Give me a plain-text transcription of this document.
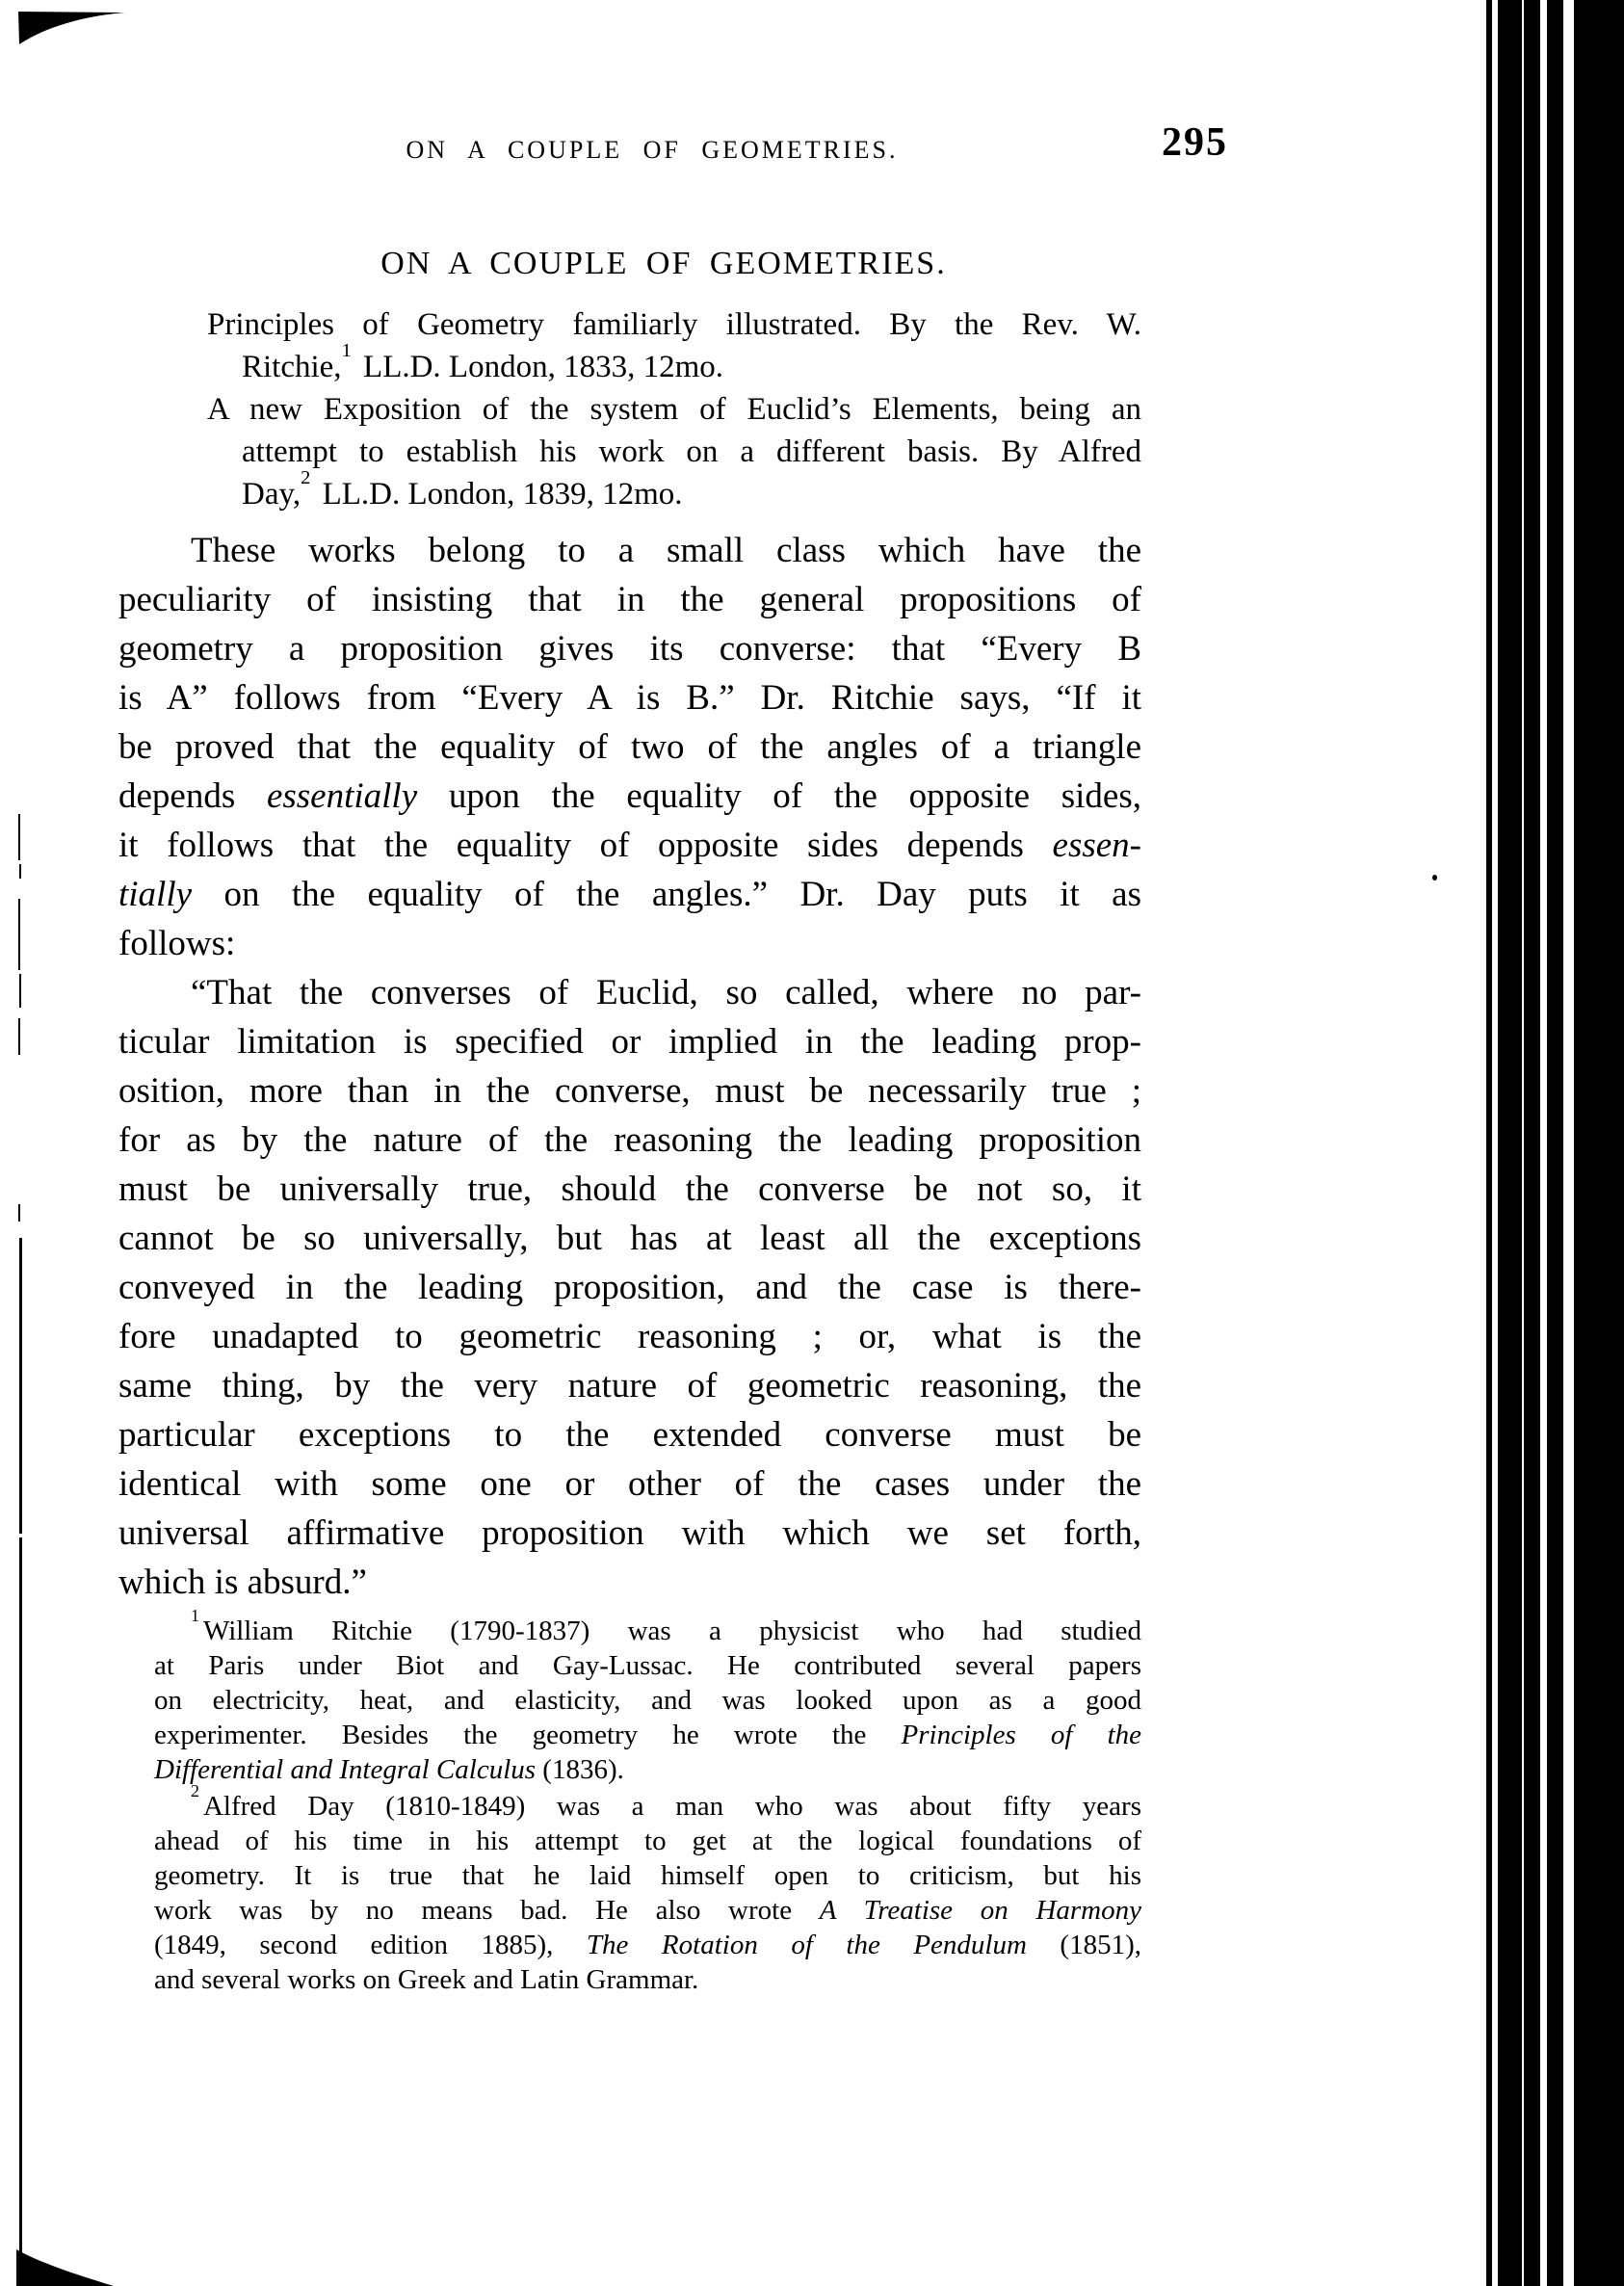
ON A COUPLE OF GEOMETRIES.	295
ON A COUPLE OF GEOMETRIES.
Principles of Geometry familiarly illustrated. By the Rev. W.
Ritchie,$^1$ LL.D. London, 1833, 12mo.
A new Exposition of the system of Euclid’s Elements, being an
attempt to establish his work on a different basis. By Alfred
Day,$^2$ LL.D. London, 1839, 12mo.
These works belong to a small class which have the
peculiarity of insisting that in the general propositions of
geometry a proposition gives its converse: that “Every B
is A” follows from “Every A is B.” Dr. Ritchie says, “If it
be proved that the equality of two of the angles of a triangle
depends essentially upon the equality of the opposite sides,
it follows that the equality of opposite sides depends essen-
tially on the equality of the angles.” Dr. Day puts it as
follows:
“That the converses of Euclid, so called, where no par-
ticular limitation is specified or implied in the leading prop-
osition, more than in the converse, must be necessarily true ;
for as by the nature of the reasoning the leading proposition
must be universally true, should the converse be not so, it
cannot be so universally, but has at least all the exceptions
conveyed in the leading proposition, and the case is there-
fore unadapted to geometric reasoning ; or, what is the
same thing, by the very nature of geometric reasoning, the
particular exceptions to the extended converse must be
identical with some one or other of the cases under the
universal affirmative proposition with which we set forth,
which is absurd.”
$^1$ William Ritchie (1790-1837) was a physicist who had studied
at Paris under Biot and Gay-Lussac. He contributed several papers
on electricity, heat, and elasticity, and was looked upon as a good
experimenter. Besides the geometry he wrote the Principles of the
Differential and Integral Calculus (1836).
$^2$ Alfred Day (1810-1849) was a man who was about fifty years
ahead of his time in his attempt to get at the logical foundations of
geometry. It is true that he laid himself open to criticism, but his
work was by no means bad. He also wrote A Treatise on Harmony
(1849, second edition 1885), The Rotation of the Pendulum (1851),
and several works on Greek and Latin Grammar.
